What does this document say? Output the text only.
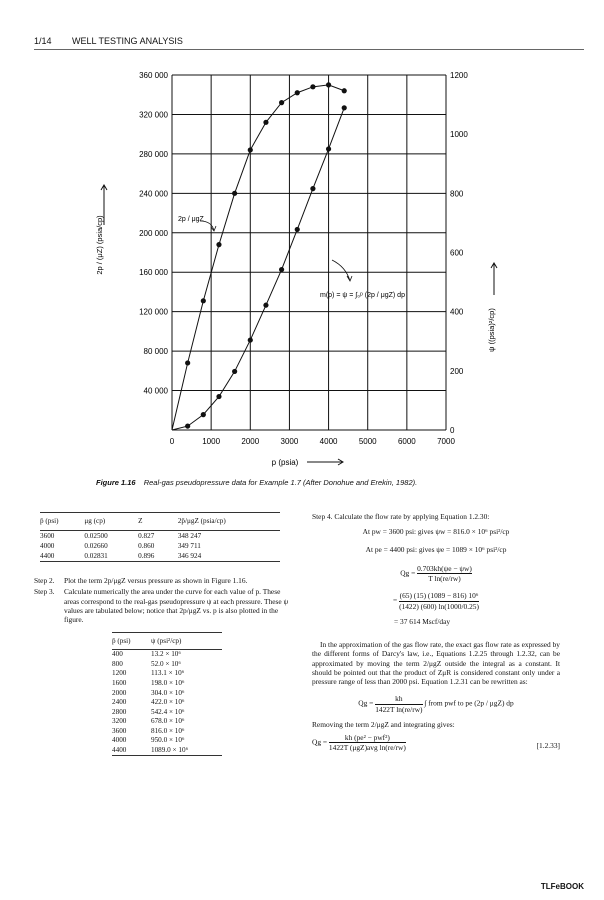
1/14 WELL TESTING ANALYSIS
0	1000	2000	3000	4000	5000	6000	7000
40 000
80 000
120 000
160 000
200 000
240 000
280 000
320 000
360 000
0
200
400
600
800
1000
1200
p (psia)
2p / (μZ) (psia/cp)
ψ ((psia)²/cp)
2p / μgZ
m(p) = ψ = ∫₀ᵖ (2p / μgZ) dp
Figure 1.16 Real-gas pseudopressure data for Example 1.7 (After Donohue and Erekin, 1982).
p̄ (psi)	μg (cp)	Z	2p̄/μgZ (psia/cp)
3600	0.02500	0.827	348 247
4000	0.02660	0.860	349 711
4400	0.02831	0.896	346 924
Step 2. Plot the term 2p/μgZ versus pressure as shown in Figure 1.16.
Step 3. Calculate numerically the area under the curve for each value of p. These areas correspond to the real-gas pseudopressure ψ at each pressure. These ψ values are tabulated below; notice that 2p/μgZ vs. p is also plotted in the figure.
p̄ (psi)	ψ (psi²/cp)
400	13.2 × 10⁶
800	52.0 × 10⁶
1200	113.1 × 10⁶
1600	198.0 × 10⁶
2000	304.0 × 10⁶
2400	422.0 × 10⁶
2800	542.4 × 10⁶
3200	678.0 × 10⁶
3600	816.0 × 10⁶
4000	950.0 × 10⁶
4400	1089.0 × 10⁶
Step 4. Calculate the flow rate by applying Equation 1.2.30:
At pw = 3600 psi: gives ψw = 816.0 × 10⁶ psi²/cp
At pe = 4400 psi: gives ψe = 1089 × 10⁶ psi²/cp
$Qg = \frac{0.703kh(\psi e - \psi w)}{\text{T ln(re/rw)}}$
= $\frac{\text{(65) (15) (1089 − 816) 10⁶}}{(1422) (600) \ln(1000/0.25)}$
= 37 614 Mscf/day
In the approximation of the gas flow rate, the exact gas flow rate as expressed by the different forms of Darcy's law, i.e., Equations 1.2.25 through 1.2.32, can be approximated by moving the term 2/μgZ outside the integral as a constant. It should be pointed out that the product of ZμR is considered constant only under a pressure range of less than 2000 psi. Equation 1.2.31 can be rewritten as:
$Qg = \frac{kh}{\text{1422T ln(re/rw)}}$ ∫ from pwf to pe (2p / μgZ) dp
Removing the term 2/μgZ and integrating gives:
$Qg = \frac{\text{kh (pe² − pwf²)}}{\text{1422T (μgZ)avg ln(re/rw)}}$	[1.2.33]
TLFeBOOK
